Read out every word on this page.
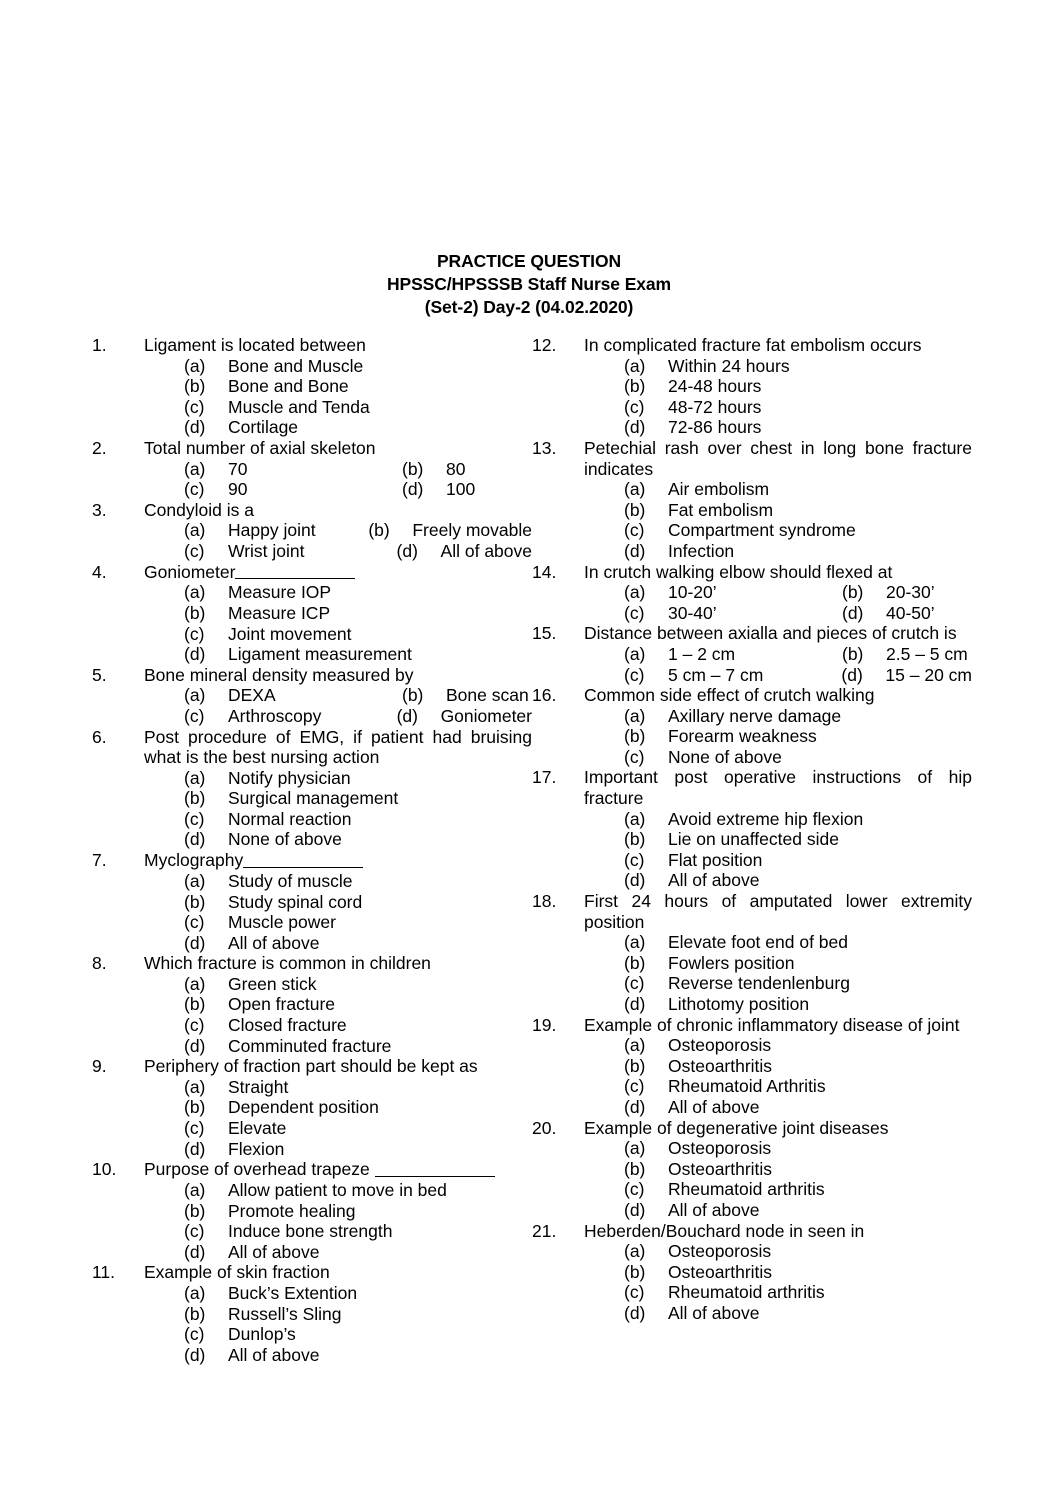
PRACTICE QUESTION
HPSSC/HPSSSB Staff Nurse Exam
(Set-2) Day-2 (04.02.2020)
1.	Ligament is located between
(a)	Bone and Muscle
(b)	Bone and Bone
(c)	Muscle and Tenda
(d)	Cortilage
2.	Total number of axial skeleton
(a)	70	(b)	80
(c)	90	(d)	100
3.	Condyloid is a
(a)	Happy joint	(b)	Freely movable
(c)	Wrist joint	(d)	All of above
4.	Goniometer
(a)	Measure IOP
(b)	Measure ICP
(c)	Joint movement
(d)	Ligament measurement
5.	Bone mineral density measured by
(a)	DEXA	(b)	Bone scan
(c)	Arthroscopy	(d)	Goniometer
6.	Post procedure of EMG, if patient had bruising what is the best nursing action
(a)	Notify physician
(b)	Surgical management
(c)	Normal reaction
(d)	None of above
7.	Myclography
(a)	Study of muscle
(b)	Study spinal cord
(c)	Muscle power
(d)	All of above
8.	Which fracture is common in children
(a)	Green stick
(b)	Open fracture
(c)	Closed fracture
(d)	Comminuted fracture
9.	Periphery of fraction part should be kept as
(a)	Straight
(b)	Dependent position
(c)	Elevate
(d)	Flexion
10.	Purpose of overhead trapeze
(a)	Allow patient to move in bed
(b)	Promote healing
(c)	Induce bone strength
(d)	All of above
11.	Example of skin fraction
(a)	Buck’s Extention
(b)	Russell’s Sling
(c)	Dunlop’s
(d)	All of above
12.	In complicated fracture fat embolism occurs
(a)	Within 24 hours
(b)	24-48 hours
(c)	48-72 hours
(d)	72-86 hours
13.	Petechial rash over chest in long bone fracture indicates
(a)	Air embolism
(b)	Fat embolism
(c)	Compartment syndrome
(d)	Infection
14.	In crutch walking elbow should flexed at
(a)	10-20’	(b)	20-30’
(c)	30-40’	(d)	40-50’
15.	Distance between axialla and pieces of crutch is
(a)	1 – 2 cm	(b)	2.5 – 5 cm
(c)	5 cm – 7 cm	(d)	15 – 20 cm
16.	Common side effect of crutch walking
(a)	Axillary nerve damage
(b)	Forearm weakness
(c)	None of above
17.	Important post operative instructions of hip fracture
(a)	Avoid extreme hip flexion
(b)	Lie on unaffected side
(c)	Flat position
(d)	All of above
18.	First 24 hours of amputated lower extremity position
(a)	Elevate foot end of bed
(b)	Fowlers position
(c)	Reverse tendenlenburg
(d)	Lithotomy position
19.	Example of chronic inflammatory disease of joint
(a)	Osteoporosis
(b)	Osteoarthritis
(c)	Rheumatoid Arthritis
(d)	All of above
20.	Example of degenerative joint diseases
(a)	Osteoporosis
(b)	Osteoarthritis
(c)	Rheumatoid arthritis
(d)	All of above
21.	Heberden/Bouchard node in seen in
(a)	Osteoporosis
(b)	Osteoarthritis
(c)	Rheumatoid arthritis
(d)	All of above
